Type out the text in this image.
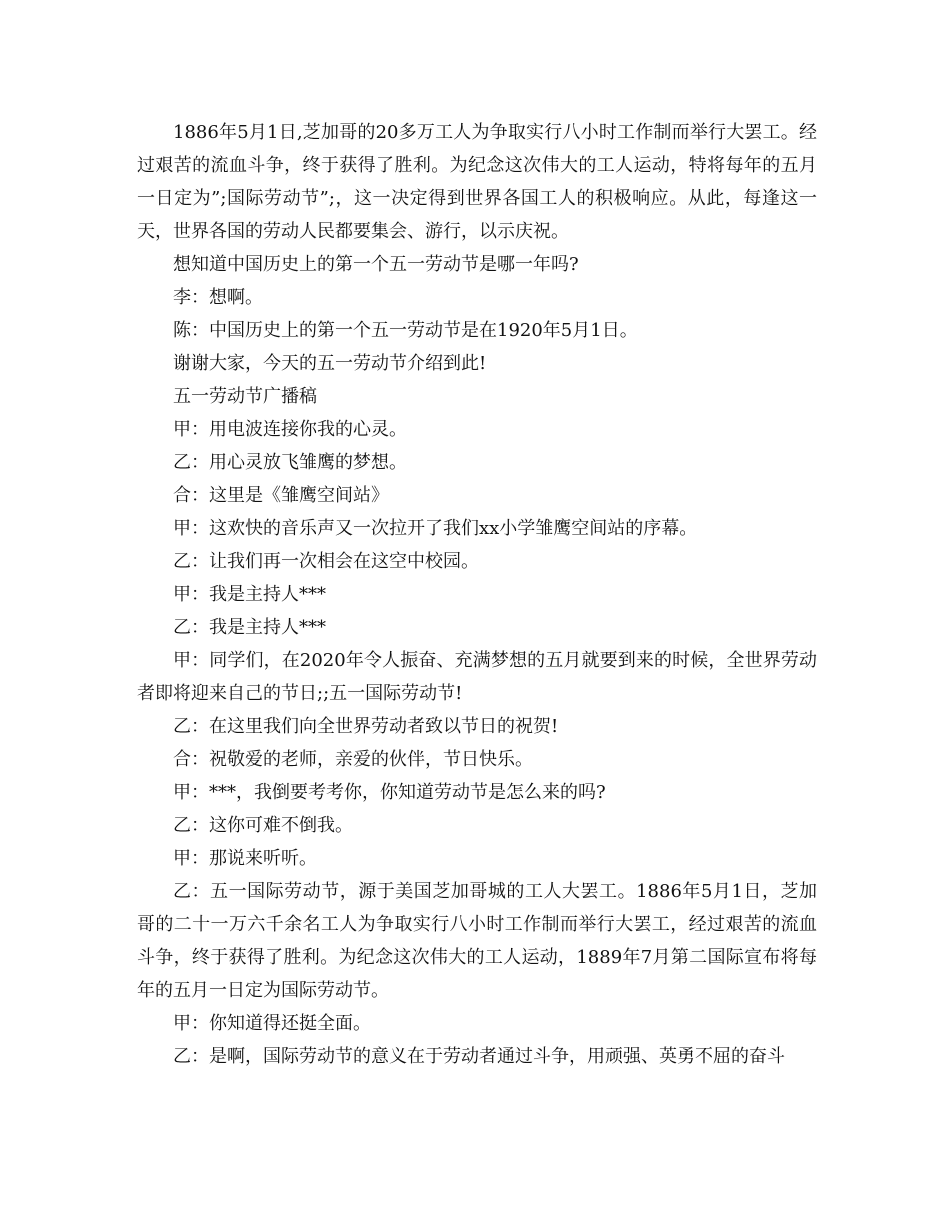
1886年5月1日,芝加哥的20多万工人为争取实行八小时工作制而举行大罢工。经过艰苦的流血斗争，终于获得了胜利。为纪念这次伟大的工人运动，特将每年的五月一日定为”;国际劳动节”;，这一决定得到世界各国工人的积极响应。从此，每逢这一天，世界各国的劳动人民都要集会、游行，以示庆祝。

想知道中国历史上的第一个五一劳动节是哪一年吗?

李：想啊。

陈：中国历史上的第一个五一劳动节是在1920年5月1日。

谢谢大家，今天的五一劳动节介绍到此!

五一劳动节广播稿

甲：用电波连接你我的心灵。

乙：用心灵放飞雏鹰的梦想。

合：这里是《雏鹰空间站》

甲：这欢快的音乐声又一次拉开了我们xx小学雏鹰空间站的序幕。

乙：让我们再一次相会在这空中校园。

甲：我是主持人***

乙：我是主持人***

甲：同学们，在2020年令人振奋、充满梦想的五月就要到来的时候，全世界劳动者即将迎来自己的节日;;五一国际劳动节!

乙：在这里我们向全世界劳动者致以节日的祝贺!

合：祝敬爱的老师，亲爱的伙伴，节日快乐。

甲：***，我倒要考考你，你知道劳动节是怎么来的吗?

乙：这你可难不倒我。

甲：那说来听听。

乙：五一国际劳动节，源于美国芝加哥城的工人大罢工。1886年5月1日，芝加哥的二十一万六千余名工人为争取实行八小时工作制而举行大罢工，经过艰苦的流血斗争，终于获得了胜利。为纪念这次伟大的工人运动，1889年7月第二国际宣布将每年的五月一日定为国际劳动节。

甲：你知道得还挺全面。

乙：是啊，国际劳动节的意义在于劳动者通过斗争，用顽强、英勇不屈的奋斗
